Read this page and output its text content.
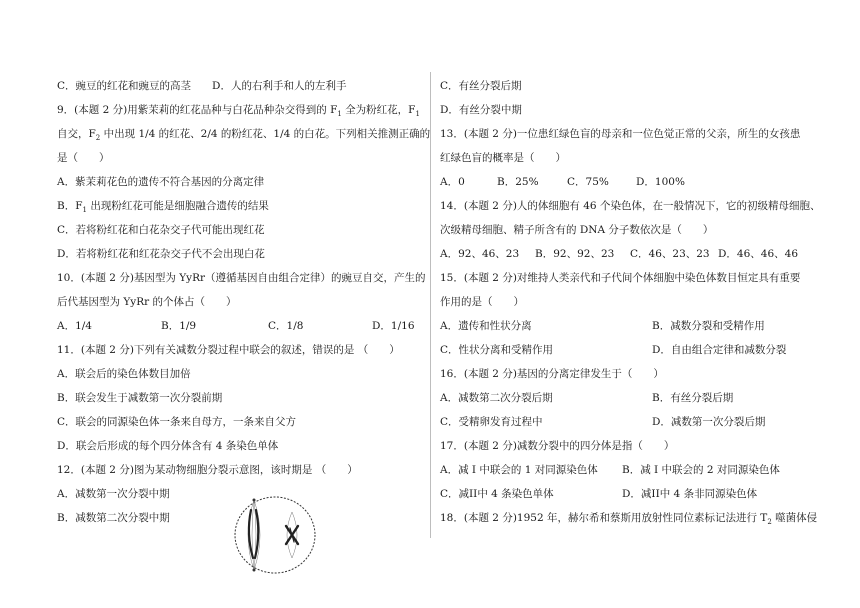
C．豌豆的红花和豌豆的高茎　　D．人的右利手和人的左利手
9．(本题 2 分)用紫茉莉的红花品种与白花品种杂交得到的 $F_1$ 全为粉红花，$F_1$
自交，$F_2$ 中出现 1/4 的红花、2/4 的粉红花、1/4 的白花。下列相关推测正确的
是（　　）
A．紫茉莉花色的遗传不符合基因的分离定律
B．$F_1$ 出现粉红花可能是细胞融合遗传的结果
C．若将粉红花和白花杂交子代可能出现红花
D．若将粉红花和红花杂交子代不会出现白花
10．(本题 2 分)基因型为 YyRr（遵循基因自由组合定律）的豌豆自交，产生的
后代基因型为 YyRr 的个体占（　　）
A．1/4	B．1/9	C．1/8	D．1/16
11．(本题 2 分)下列有关减数分裂过程中联会的叙述，错误的是 （　　）
A．联会后的染色体数目加倍
B．联会发生于减数第一次分裂前期
C．联会的同源染色体一条来自母方，一条来自父方
D．联会后形成的每个四分体含有 4 条染色单体
12．(本题 2 分)图为某动物细胞分裂示意图，该时期是 （　　）
A．减数第一次分裂中期
B．减数第二次分裂中期
C．有丝分裂后期
D．有丝分裂中期
13．(本题 2 分)一位患红绿色盲的母亲和一位色觉正常的父亲，所生的女孩患
红绿色盲的概率是（　　）
A．0	B．25%	C．75%	D．100%
14．(本题 2 分)人的体细胞有 46 个染色体，在一般情况下，它的初级精母细胞、
次级精母细胞、精子所含有的 DNA 分子数依次是（　　）
A．92、46、23 B．92、92、23 C．46、23、23 D．46、46、46
15．(本题 2 分)对维持人类亲代和子代间个体细胞中染色体数目恒定具有重要
作用的是（　　）
A．遗传和性状分离	B．减数分裂和受精作用
C．性状分离和受精作用	D．自由组合定律和减数分裂
16．(本题 2 分)基因的分离定律发生于（　　）
A．减数第二次分裂后期	B．有丝分裂后期
C．受精卵发育过程中	D．减数第一次分裂后期
17．(本题 2 分)减数分裂中的四分体是指（　　）
A．减 I 中联会的 1 对同源染色体 B．减 I 中联会的 2 对同源染色体
C．减II中 4 条染色单体	D．减II中 4 条非同源染色体
18．(本题 2 分)1952 年，赫尔希和蔡斯用放射性同位素标记法进行 $T_2$ 噬菌体侵
